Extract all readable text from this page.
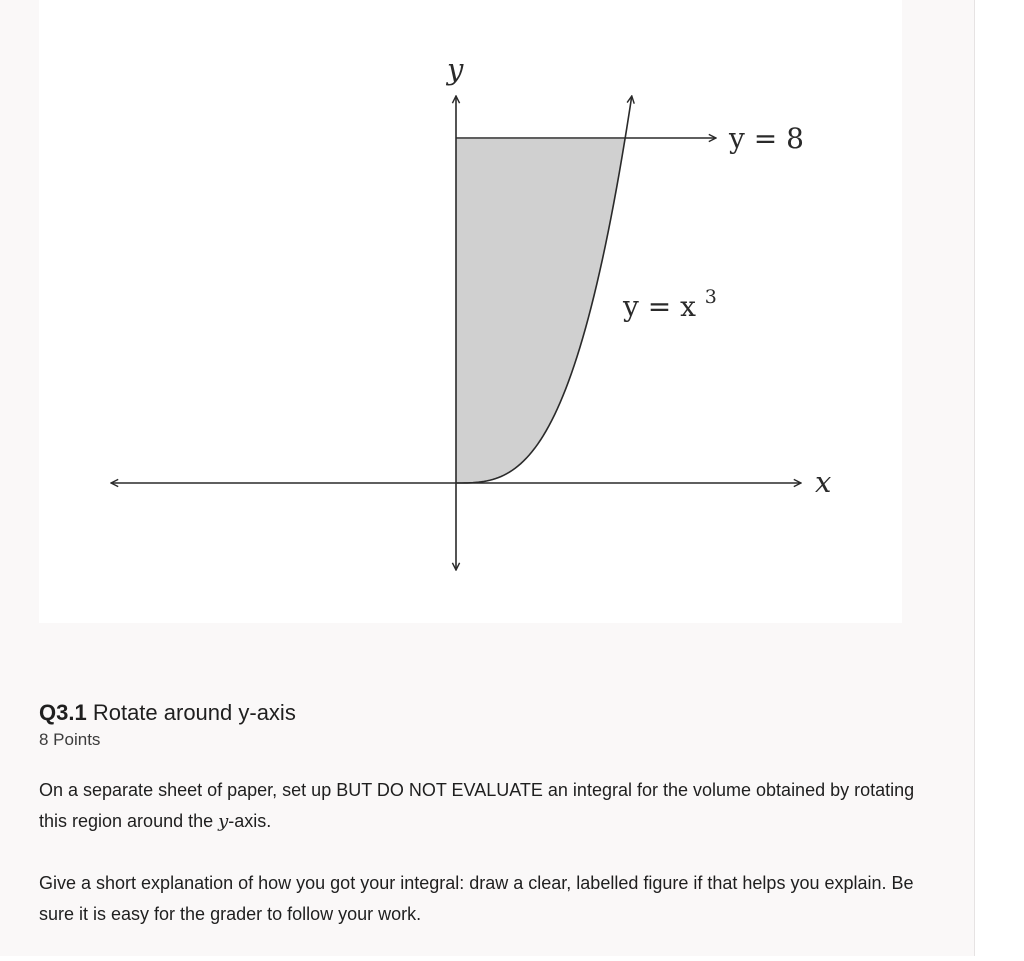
y
x
y = 8
y = x $^3$
Q3.1 Rotate around y-axis
8 Points

On a separate sheet of paper, set up BUT DO NOT EVALUATE an integral for the volume obtained by rotating this region around the y-axis.

Give a short explanation of how you got your integral: draw a clear, labelled figure if that helps you explain. Be sure it is easy for the grader to follow your work.
